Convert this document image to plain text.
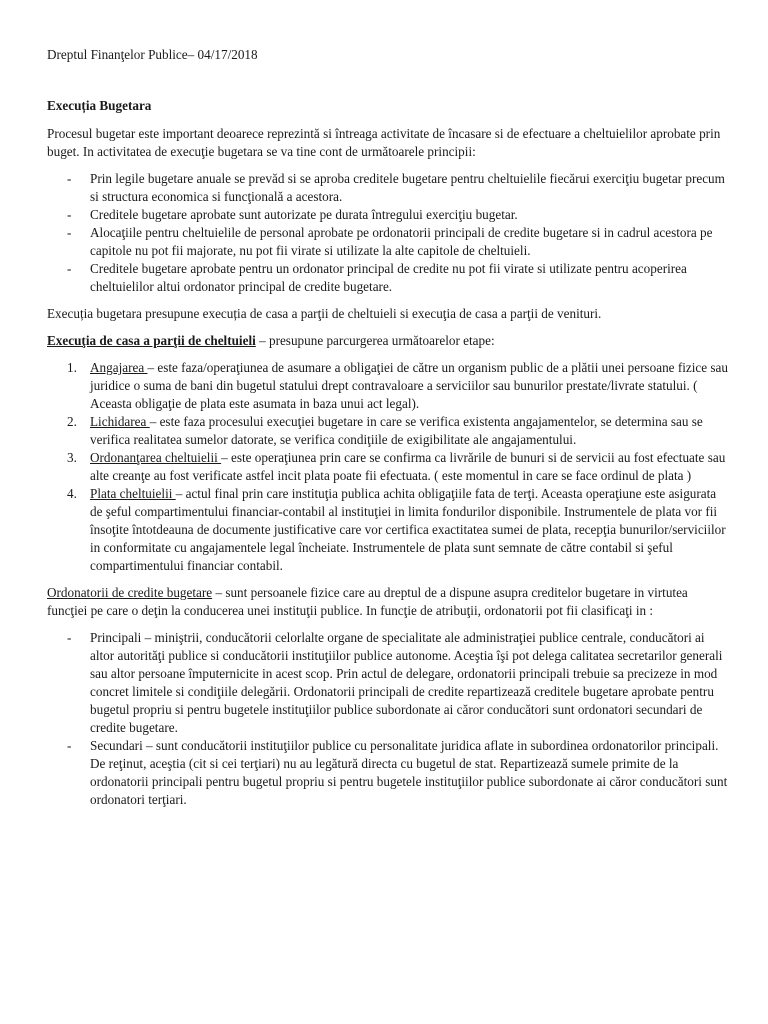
Dreptul Finanţelor Publice– 04/17/2018
Execuția Bugetara

Procesul bugetar este important deoarece reprezintă si întreaga activitate de încasare si de efectuare a cheltuielilor aprobate prin buget. In activitatea de execuţie bugetara se va tine cont de următoarele principii:

- Prin legile bugetare anuale se prevăd si se aproba creditele bugetare pentru cheltuielile fiecărui exerciţiu bugetar precum si structura economica si funcţională a acestora.
- Creditele bugetare aprobate sunt autorizate pe durata întregului exerciţiu bugetar.
- Alocaţiile pentru cheltuielile de personal aprobate pe ordonatorii principali de credite bugetare si in cadrul acestora pe capitole nu pot fii majorate, nu pot fii virate si utilizate la alte capitole de cheltuieli.
- Creditele bugetare aprobate pentru un ordonator principal de credite nu pot fii virate si utilizate pentru acoperirea cheltuielilor altui ordonator principal de credite bugetare.

Execuția bugetara presupune execuția de casa a parţii de cheltuieli si execuţia de casa a parţii de venituri.

Execuţia de casa a parţii de cheltuieli – presupune parcurgerea următoarelor etape:

1. Angajarea – este faza/operaţiunea de asumare a obligaţiei de către un organism public de a plătii unei persoane fizice sau juridice o suma de bani din bugetul statului drept contravaloare a serviciilor sau bunurilor prestate/livrate statului. ( Aceasta obligaţie de plata este asumata in baza unui act legal).
2. Lichidarea – este faza procesului execuţiei bugetare in care se verifica existenta angajamentelor, se determina sau se verifica realitatea sumelor datorate, se verifica condiţiile de exigibilitate ale angajamentului.
3. Ordonanţarea cheltuielii – este operaţiunea prin care se confirma ca livrările de bunuri si de servicii au fost efectuate sau alte creanţe au fost verificate astfel incit plata poate fii efectuata. ( este momentul in care se face ordinul de plata )
4. Plata cheltuielii – actul final prin care instituţia publica achita obligaţiile fata de terţi. Aceasta operaţiune este asigurata de şeful compartimentului financiar-contabil al instituţiei in limita fondurilor disponibile. Instrumentele de plata vor fii însoţite întotdeauna de documente justificative care vor certifica exactitatea sumei de plata, recepţia bunurilor/serviciilor in conformitate cu angajamentele legal încheiate. Instrumentele de plata sunt semnate de către contabil si şeful compartimentului financiar contabil.

Ordonatorii de credite bugetare – sunt persoanele fizice care au dreptul de a dispune asupra creditelor bugetare in virtutea funcţiei pe care o deţin la conducerea unei instituţii publice. In funcţie de atribuţii, ordonatorii pot fii clasificaţi in :

- Principali – miniştrii, conducătorii celorlalte organe de specialitate ale administraţiei publice centrale, conducători ai altor autorităţi publice si conducătorii instituţiilor publice autonome. Aceştia îşi pot delega calitatea secretarilor generali sau altor persoane împuternicite in acest scop. Prin actul de delegare, ordonatorii principali trebuie sa precizeze in mod concret limitele si condiţiile delegării. Ordonatorii principali de credite repartizează creditele bugetare aprobate pentru bugetul propriu si pentru bugetele instituţiilor publice subordonate ai căror conducători sunt ordonatori secundari de credite bugetare.
- Secundari – sunt conducătorii instituţiilor publice cu personalitate juridica aflate in subordinea ordonatorilor principali. De reţinut, aceştia (cit si cei terţiari) nu au legătură directa cu bugetul de stat. Repartizează sumele primite de la ordonatorii principali pentru bugetul propriu si pentru bugetele instituţiilor publice subordonate ai căror conducători sunt ordonatori terţiari.
